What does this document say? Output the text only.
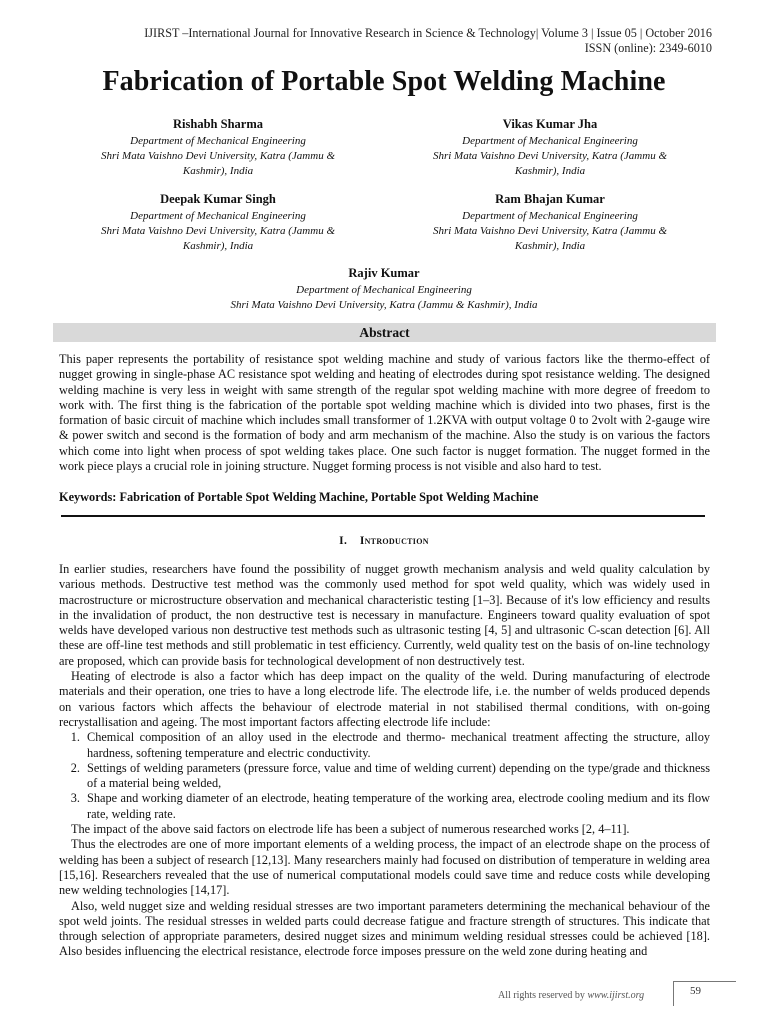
IJIRST –International Journal for Innovative Research in Science & Technology| Volume 3 | Issue 05 | October 2016
ISSN (online): 2349-6010
Fabrication of Portable Spot Welding Machine
Rishabh Sharma
Department of Mechanical Engineering
Shri Mata Vaishno Devi University, Katra (Jammu &
Kashmir), India
Vikas Kumar Jha
Department of Mechanical Engineering
Shri Mata Vaishno Devi University, Katra (Jammu &
Kashmir), India
Deepak Kumar Singh
Department of Mechanical Engineering
Shri Mata Vaishno Devi University, Katra (Jammu &
Kashmir), India
Ram Bhajan Kumar
Department of Mechanical Engineering
Shri Mata Vaishno Devi University, Katra (Jammu &
Kashmir), India
Rajiv Kumar
Department of Mechanical Engineering
Shri Mata Vaishno Devi University, Katra (Jammu & Kashmir), India
Abstract
This paper represents the portability of resistance spot welding machine and study of various factors like the thermo-effect of nugget growing in single-phase AC resistance spot welding and heating of electrodes during spot resistance welding. The designed welding machine is very less in weight with same strength of the regular spot welding machine with more degree of freedom to work with. The first thing is the fabrication of the portable spot welding machine which is divided into two phases, first is the formation of basic circuit of machine which includes small transformer of 1.2KVA with output voltage 0 to 2volt with 2-gauge wire & power switch and second is the formation of body and arm mechanism of the machine. Also the study is on various the factors which come into light when process of spot welding takes place. One such factor is nugget formation. The nugget formed in the work piece plays a crucial role in joining structure. Nugget forming process is not visible and also hard to test.
Keywords: Fabrication of Portable Spot Welding Machine, Portable Spot Welding Machine
I. Introduction

In earlier studies, researchers have found the possibility of nugget growth mechanism analysis and weld quality calculation by various methods. Destructive test method was the commonly used method for spot weld quality, which was widely used in macrostructure or microstructure observation and mechanical characteristic testing [1–3]. Because of it's low efficiency and results in the invalidation of product, the non destructive test is necessary in manufacture. Engineers toward quality evaluation of spot welds have developed various non destructive test methods such as ultrasonic testing [4, 5] and ultrasonic C-scan detection [6]. All these are off-line test methods and still problematic in test efficiency. Currently, weld quality test on the basis of on-line technology are proposed, which can provide basis for technological development of non destructively test.

Heating of electrode is also a factor which has deep impact on the quality of the weld. During manufacturing of electrode materials and their operation, one tries to have a long electrode life. The electrode life, i.e. the number of welds produced depends on various factors which affects the behaviour of electrode material in not stabilised thermal conditions, with on-going recrystallisation and ageing. The most important factors affecting electrode life include:

1. Chemical composition of an alloy used in the electrode and thermo- mechanical treatment affecting the structure, alloy hardness, softening temperature and electric conductivity.
2. Settings of welding parameters (pressure force, value and time of welding current) depending on the type/grade and thickness of a material being welded,
3. Shape and working diameter of an electrode, heating temperature of the working area, electrode cooling medium and its flow rate, welding rate.

The impact of the above said factors on electrode life has been a subject of numerous researched works [2, 4–11].

Thus the electrodes are one of more important elements of a welding process, the impact of an electrode shape on the process of welding has been a subject of research [12,13]. Many researchers mainly had focused on distribution of temperature in welding area [15,16]. Researchers revealed that the use of numerical computational models could save time and reduce costs while developing new welding technologies [14,17].

Also, weld nugget size and welding residual stresses are two important parameters determining the mechanical behaviour of the spot weld joints. The residual stresses in welded parts could decrease fatigue and fracture strength of structures. This indicate that through selection of appropriate parameters, desired nugget sizes and minimum welding residual stresses could be achieved [18]. Also besides influencing the electrical resistance, electrode force imposes pressure on the weld zone during heating and

All rights reserved by www.ijirst.org	59
